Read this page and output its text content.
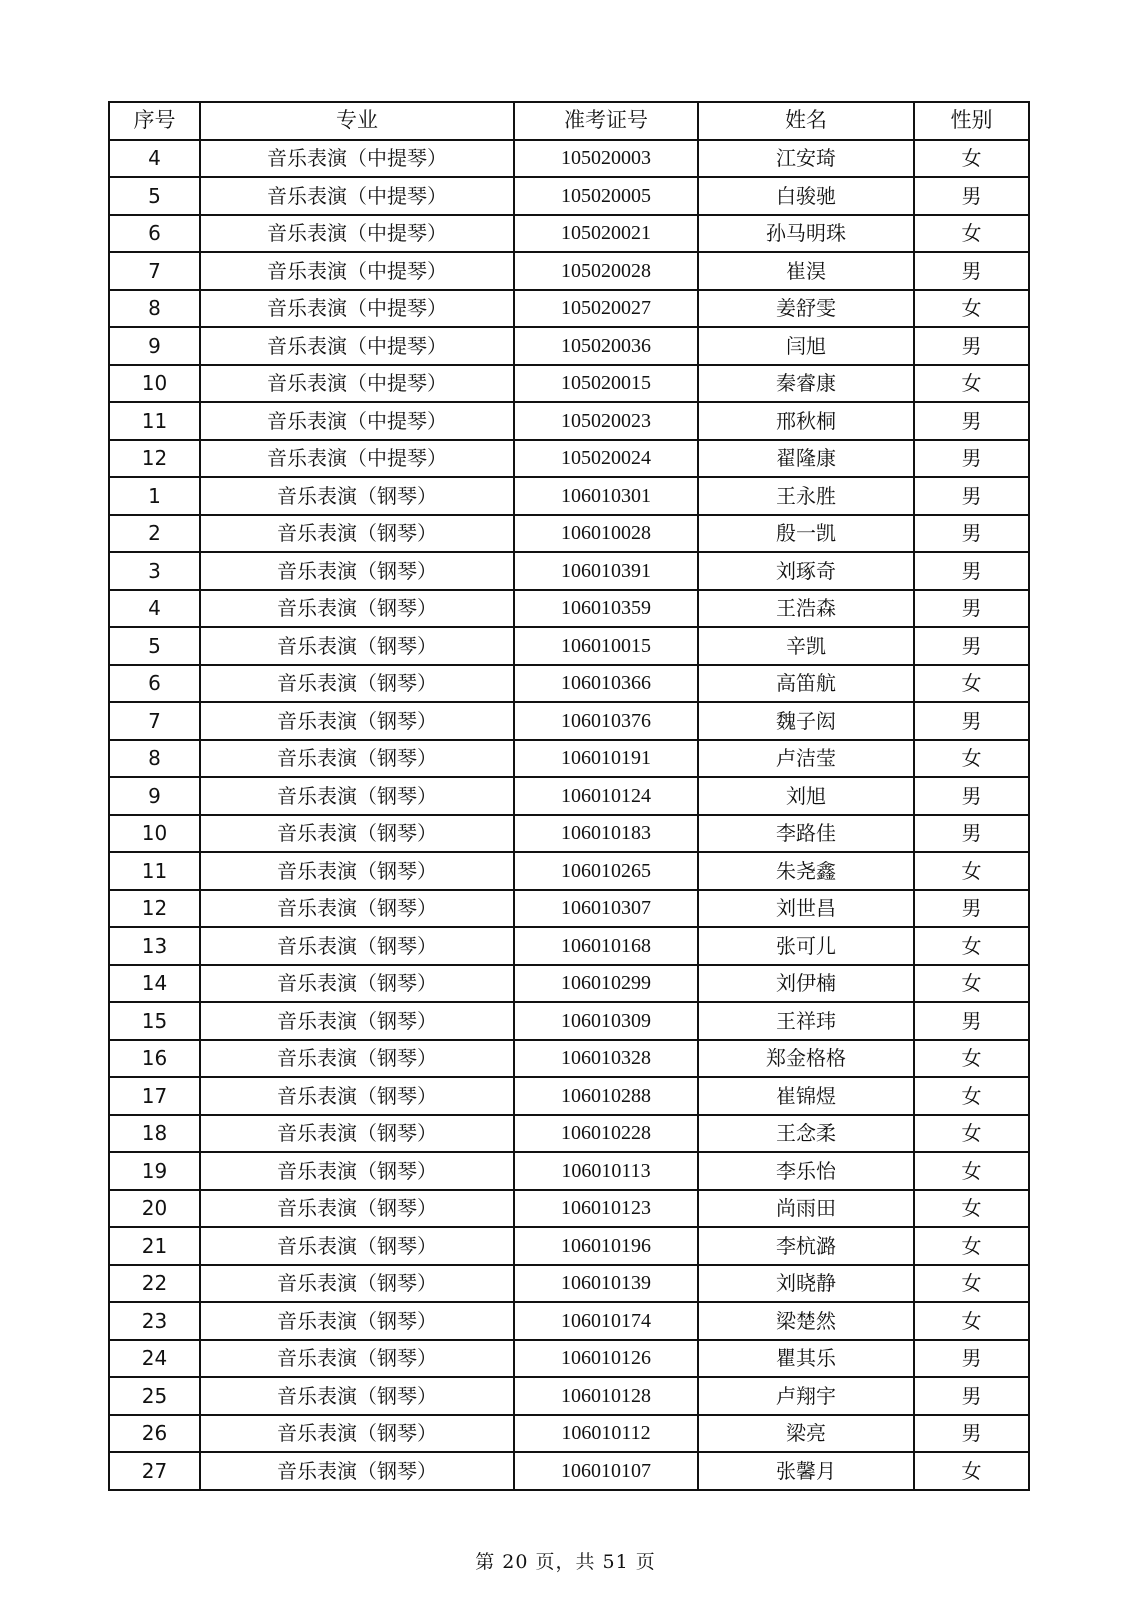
序号	专业	准考证号	姓名	性别
4	音乐表演（中提琴）	105020003	江安琦	女
5	音乐表演（中提琴）	105020005	白骏驰	男
6	音乐表演（中提琴）	105020021	孙马明珠	女
7	音乐表演（中提琴）	105020028	崔淏	男
8	音乐表演（中提琴）	105020027	姜舒雯	女
9	音乐表演（中提琴）	105020036	闫旭	男
10	音乐表演（中提琴）	105020015	秦睿康	女
11	音乐表演（中提琴）	105020023	邢秋桐	男
12	音乐表演（中提琴）	105020024	翟隆康	男
1	音乐表演（钢琴）	106010301	王永胜	男
2	音乐表演（钢琴）	106010028	殷一凯	男
3	音乐表演（钢琴）	106010391	刘琢奇	男
4	音乐表演（钢琴）	106010359	王浩森	男
5	音乐表演（钢琴）	106010015	辛凯	男
6	音乐表演（钢琴）	106010366	高笛航	女
7	音乐表演（钢琴）	106010376	魏子闳	男
8	音乐表演（钢琴）	106010191	卢洁莹	女
9	音乐表演（钢琴）	106010124	刘旭	男
10	音乐表演（钢琴）	106010183	李路佳	男
11	音乐表演（钢琴）	106010265	朱尧鑫	女
12	音乐表演（钢琴）	106010307	刘世昌	男
13	音乐表演（钢琴）	106010168	张可儿	女
14	音乐表演（钢琴）	106010299	刘伊楠	女
15	音乐表演（钢琴）	106010309	王祥玮	男
16	音乐表演（钢琴）	106010328	郑金格格	女
17	音乐表演（钢琴）	106010288	崔锦煜	女
18	音乐表演（钢琴）	106010228	王念柔	女
19	音乐表演（钢琴）	106010113	李乐怡	女
20	音乐表演（钢琴）	106010123	尚雨田	女
21	音乐表演（钢琴）	106010196	李杭潞	女
22	音乐表演（钢琴）	106010139	刘晓静	女
23	音乐表演（钢琴）	106010174	梁楚然	女
24	音乐表演（钢琴）	106010126	瞿其乐	男
25	音乐表演（钢琴）	106010128	卢翔宇	男
26	音乐表演（钢琴）	106010112	梁亮	男
27	音乐表演（钢琴）	106010107	张馨月	女
第 20 页，共 51 页
